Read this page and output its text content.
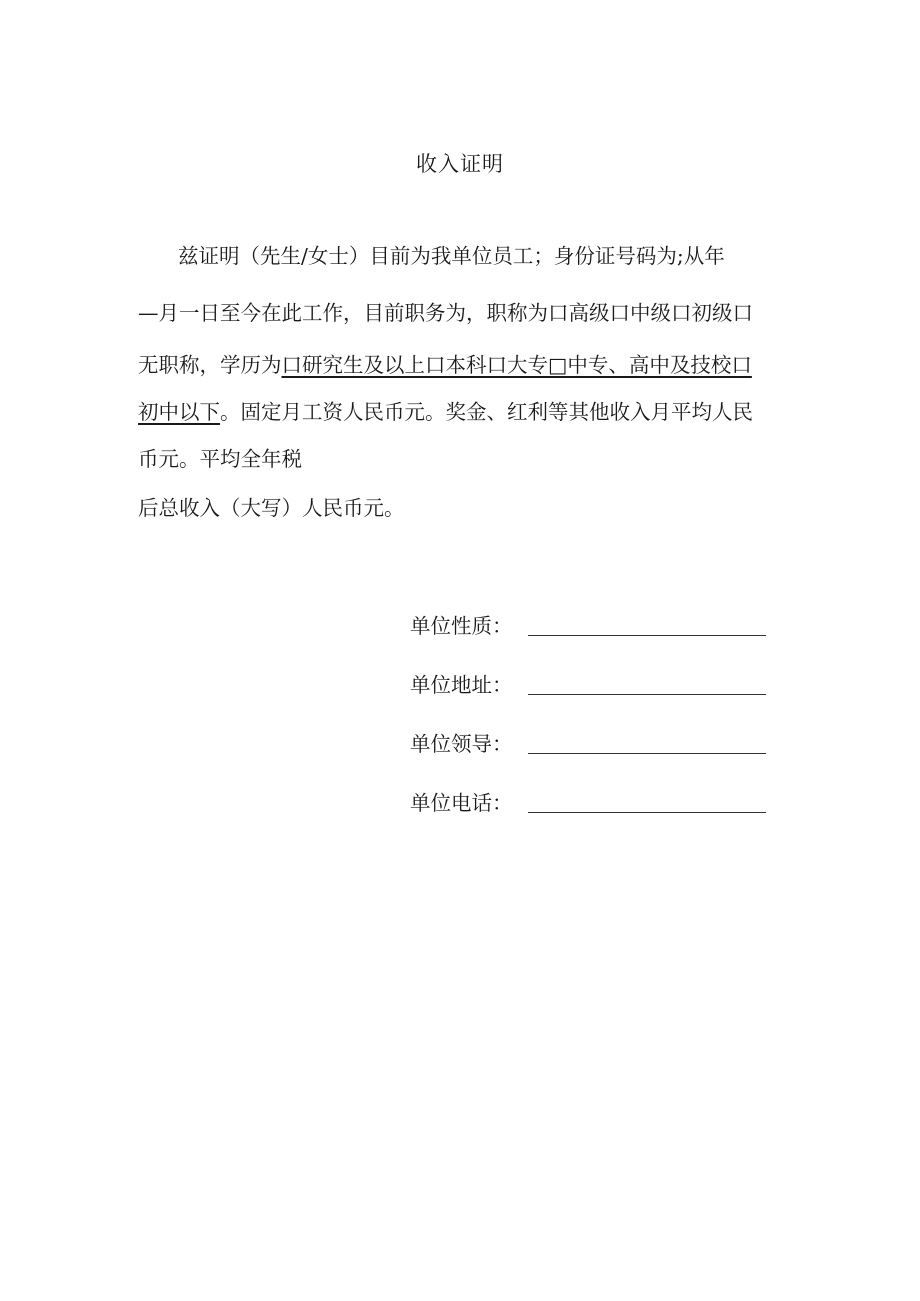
收入证明
兹证明（先生/女士）目前为我单位员工；身份证号码为;从年
—月一日至今在此工作，目前职务为，职称为口高级口中级口初级口
无职称，学历为口研究生及以上口本科口大专□中专、高中及技校口
初中以下。固定月工资人民币元。奖金、红利等其他收入月平均人民
币元。平均全年税
后总收入（大写）人民币元。
单位性质：
单位地址：
单位领导：
单位电话：
